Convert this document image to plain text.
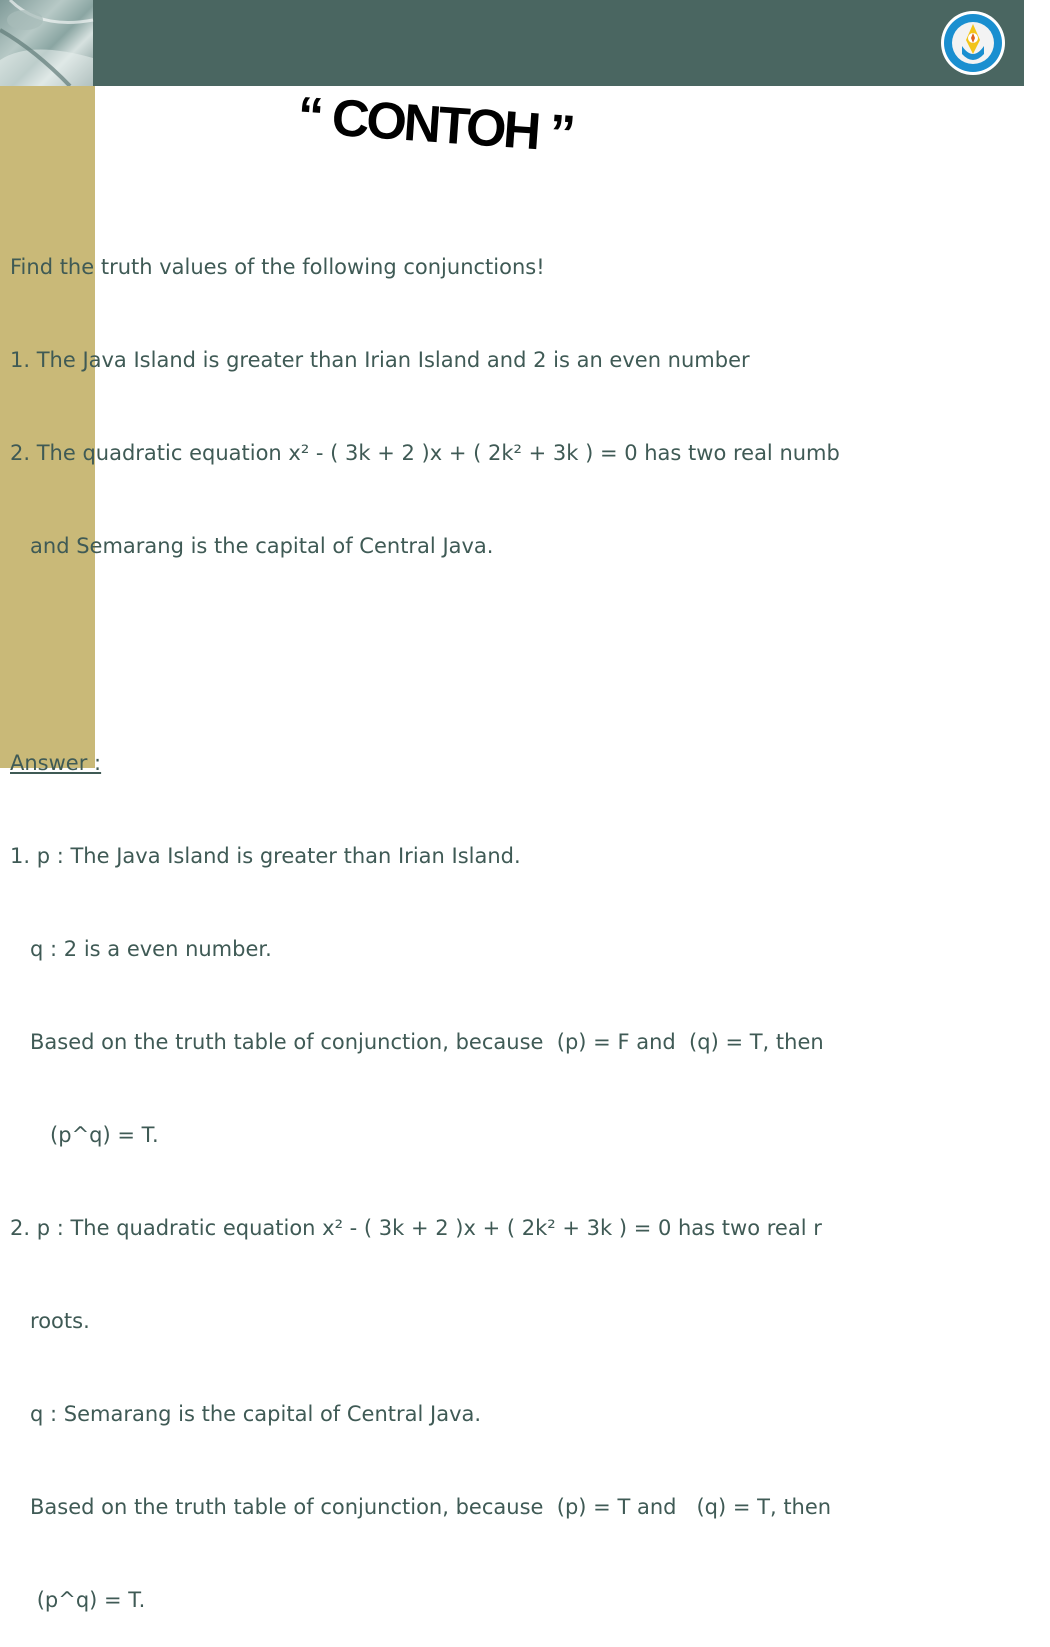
“ CONTOH ”

Find the truth values of the following conjunctions!

1. The Java Island is greater than Irian Island and 2 is an even number

2. The quadratic equation x² - ( 3k + 2 )x + ( 2k² + 3k ) = 0 has two real numb

and Semarang is the capital of Central Java.

Answer :

1. p : The Java Island is greater than Irian Island.

q : 2 is a even number.

Based on the truth table of conjunction, because  (p) = F and  (q) = T, then

(p^q) = T.

2. p : The quadratic equation x² - ( 3k + 2 )x + ( 2k² + 3k ) = 0 has two real r

roots.

q : Semarang is the capital of Central Java.

Based on the truth table of conjunction, because  (p) = T and   (q) = T, then

(p^q) = T.
